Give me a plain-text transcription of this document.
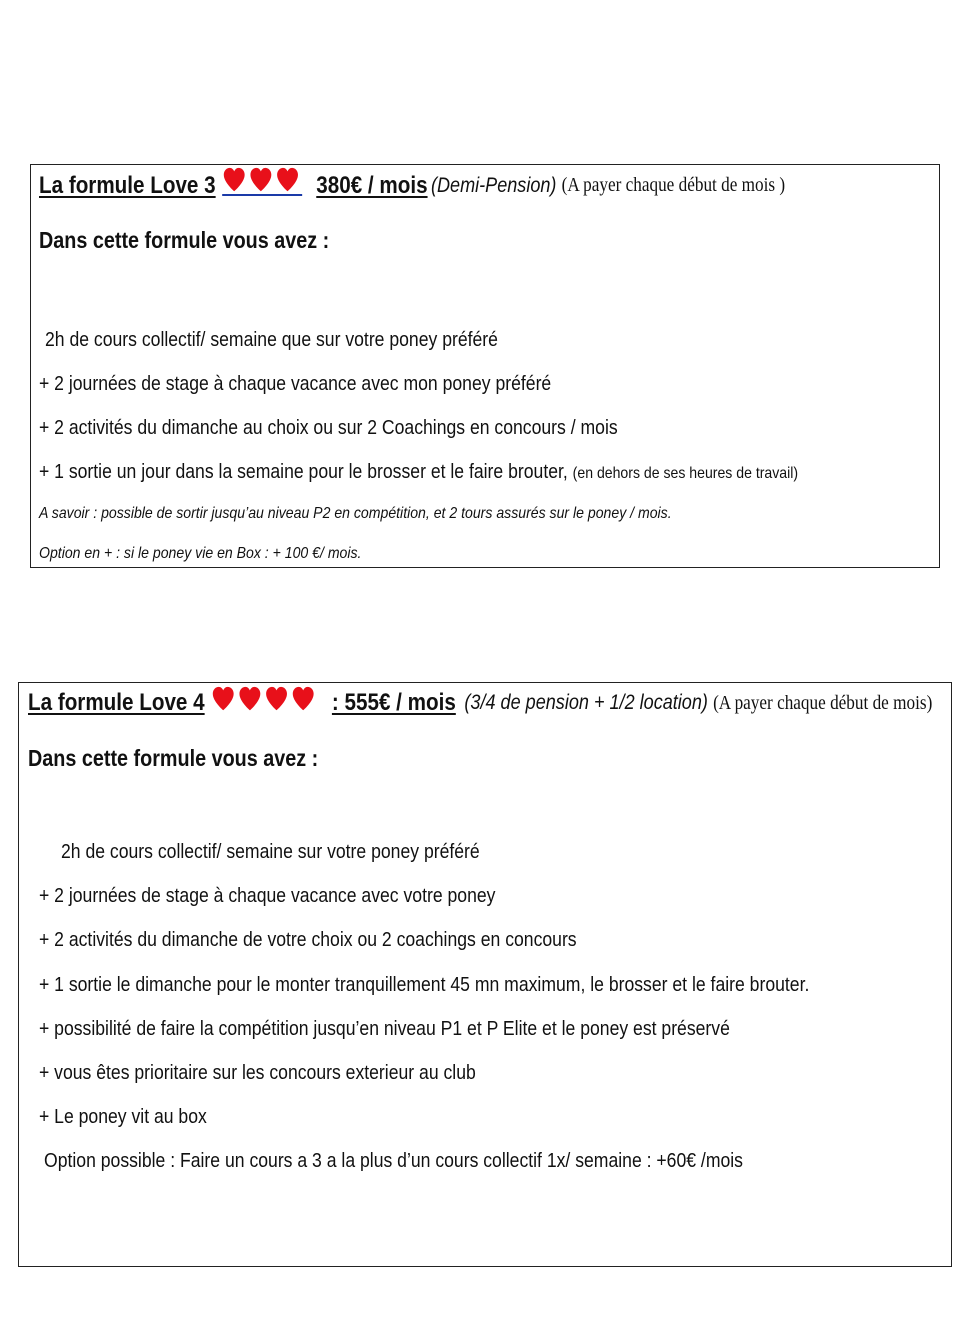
La formule Love 3	380€ / mois (Demi-Pension) (A payer chaque début de mois )
Dans cette formule vous avez :
2h de cours collectif/ semaine que sur votre poney préféré
+ 2 journées de stage à chaque vacance avec mon poney préféré
+ 2 activités du dimanche au choix ou sur 2 Coachings en concours / mois
+ 1 sortie un jour dans la semaine pour le brosser et le faire brouter, (en dehors de ses heures de travail)
A savoir : possible de sortir jusqu’au niveau P2 en compétition, et 2 tours assurés sur le poney / mois.
Option en + : si le poney vie en Box : + 100 €/ mois.
La formule Love 4	: 555€ / mois (3/4 de pension + 1/2 location) (A payer chaque début de mois)
Dans cette formule vous avez :
2h de cours collectif/ semaine sur votre poney préféré
+ 2 journées de stage à chaque vacance avec votre poney
+ 2 activités du dimanche de votre choix ou 2 coachings en concours
+ 1 sortie le dimanche pour le monter tranquillement 45 mn maximum, le brosser et le faire brouter.
+ possibilité de faire la compétition jusqu’en niveau P1 et P Elite et le poney est préservé
+ vous êtes prioritaire sur les concours exterieur au club
+ Le poney vit au box
Option possible : Faire un cours a 3 a la plus d’un cours collectif 1x/ semaine : +60€ /mois
